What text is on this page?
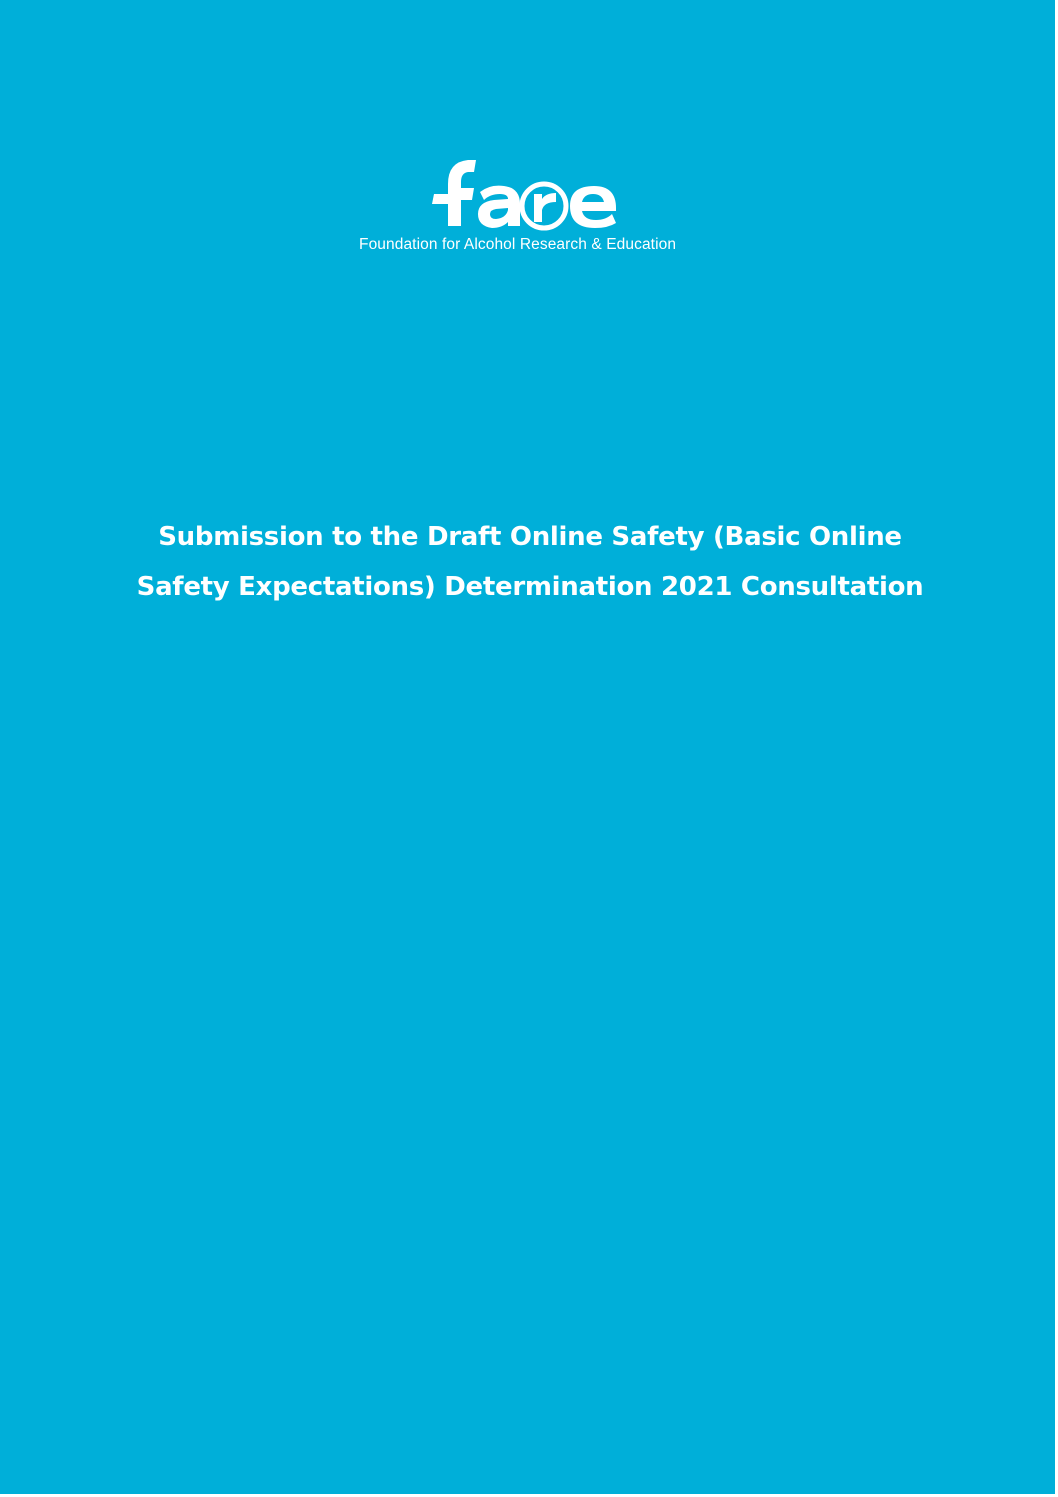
Foundation for Alcohol Research & Education
Submission to the Draft Online Safety (Basic Online
Safety Expectations) Determination 2021 Consultation
